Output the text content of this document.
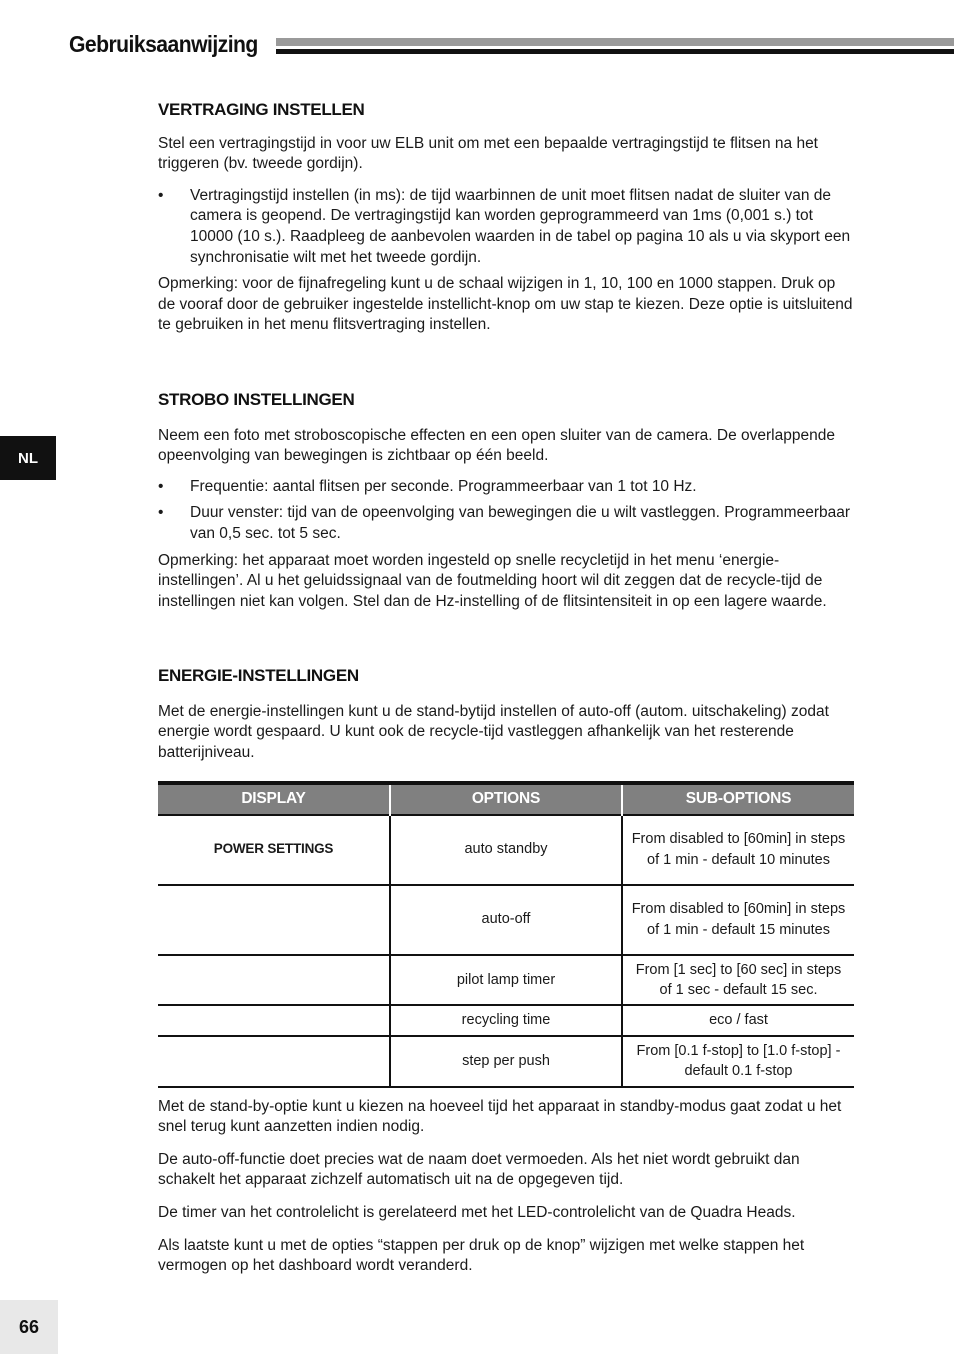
Gebruiksaanwijzing
NL
66
VERTRAGING INSTELLEN

Stel een vertragingstijd in voor uw ELB unit om met een bepaalde vertragingstijd te flitsen na het triggeren (bv. tweede gordijn).

• Vertragingstijd instellen (in ms): de tijd waarbinnen de unit moet flitsen nadat de sluiter van de camera is geopend. De vertragingstijd kan worden geprogrammeerd van 1ms (0,001 s.) tot 10000 (10 s.). Raadpleeg de aanbevolen waarden in de tabel op pagina 10 als u via skyport een synchronisatie wilt met het tweede gordijn.

Opmerking: voor de fijnafregeling kunt u de schaal wijzigen in 1, 10, 100 en 1000 stappen. Druk op de vooraf door de gebruiker ingestelde instellicht-knop om uw stap te kiezen. Deze optie is uitsluitend te gebruiken in het menu flitsvertraging instellen.

STROBO INSTELLINGEN

Neem een foto met stroboscopische effecten en een open sluiter van de camera. De overlappende opeenvolging van bewegingen is zichtbaar op één beeld.

• Frequentie: aantal flitsen per seconde. Programmeerbaar van 1 tot 10 Hz.
• Duur venster: tijd van de opeenvolging van bewegingen die u wilt vastleggen. Programmeerbaar van 0,5 sec. tot 5 sec.

Opmerking: het apparaat moet worden ingesteld op snelle recycletijd in het menu ‘energie-instellingen’. Al u het geluidssignaal van de foutmelding hoort wil dit zeggen dat de recycle-tijd de instellingen niet kan volgen. Stel dan de Hz-instelling of de flitsintensiteit in op een lagere waarde.

ENERGIE-INSTELLINGEN

Met de energie-instellingen kunt u de stand-bytijd instellen of auto-off (autom. uitschakeling) zodat energie wordt gespaard. U kunt ook de recycle-tijd vastleggen afhankelijk van het resterende batterijniveau.

DISPLAY	OPTIONS	SUB-OPTIONS
POWER SETTINGS	auto standby	From disabled to [60min] in steps of 1 min - default 10 minutes
	auto-off	From disabled to [60min] in steps of 1 min - default 15 minutes
	pilot lamp timer	From [1 sec] to [60 sec] in steps of 1 sec - default 15 sec.
	recycling time	eco / fast
	step per push	From [0.1 f-stop] to [1.0 f-stop] - default 0.1 f-stop

Met de stand-by-optie kunt u kiezen na hoeveel tijd het apparaat in standby-modus gaat zodat u het snel terug kunt aanzetten indien nodig.

De auto-off-functie doet precies wat de naam doet vermoeden. Als het niet wordt gebruikt dan schakelt het apparaat zichzelf automatisch uit na de opgegeven tijd.

De timer van het controlelicht is gerelateerd met het LED-controlelicht van de Quadra Heads.

Als laatste kunt u met de opties “stappen per druk op de knop” wijzigen met welke stappen het vermogen op het dashboard wordt veranderd.
